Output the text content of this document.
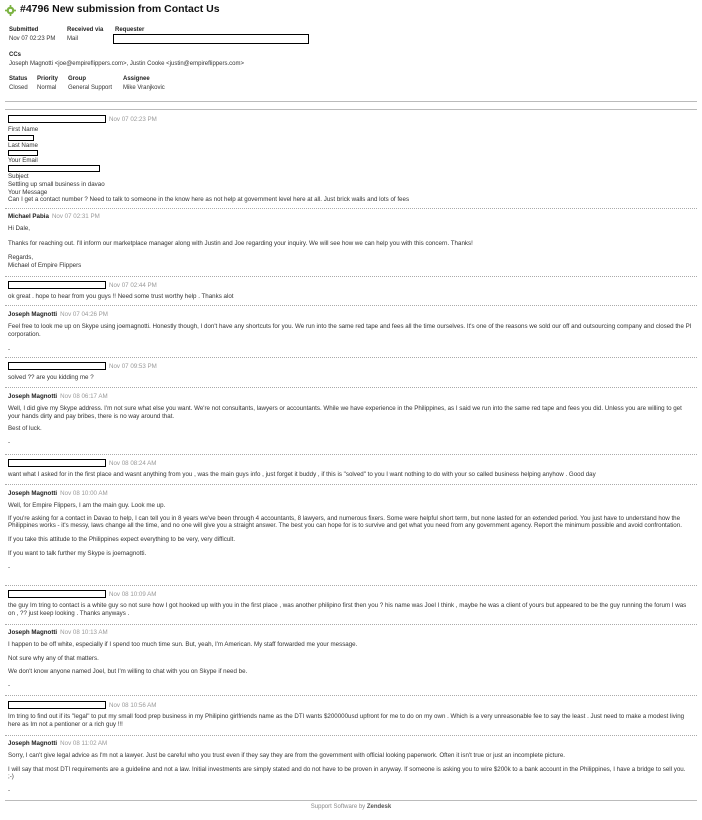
#4796 New submission from Contact Us
Submitted
Nov 07 02:23 PM
Received via
Mail
Requester
CCs
Joseph Magnotti <joe@empireflippers.com>, Justin Cooke <justin@empireflippers.com>
Status
Closed
Priority
Normal
Group
General Support
Assignee
Mike Vranjkovic
Nov 07 02:23 PM
First Name
Last Name
Your Email
Subject
Settling up small business in davao
Your Message
Can I get a contact number ? Need to talk to someone in the know here as not help at government level here at all. Just brick walls and lots of fees
Michael Pabia Nov 07 02:31 PM

Hi Dale,

Thanks for reaching out. I'll inform our marketplace manager along with Justin and Joe regarding your inquiry. We will see how we can help you with this concern. Thanks!

Regards,

Michael of Empire Flippers
Nov 07 02:44 PM

ok great . hope to hear from you guys !! Need some trust worthy help . Thanks alot

Joseph Magnotti Nov 07 04:26 PM

Feel free to look me up on Skype using joemagnotti. Honestly though, I don't have any shortcuts for you. We run into the same red tape and fees all the time ourselves. It's one of the reasons we sold our off and outsourcing company and closed the PI corporation.

-

Nov 07 09:53 PM

solved ?? are you kidding me ?

Joseph Magnotti Nov 08 06:17 AM

Well, I did give my Skype address. I'm not sure what else you want. We're not consultants, lawyers or accountants. While we have experience in the Philippines, as I said we run into the same red tape and fees you did. Unless you are willing to get your hands dirty and pay bribes, there is no way around that.

Best of luck.

-

Nov 08 08:24 AM

want what I asked for in the first place and wasnt anything from you , was the main guys info , just forget it buddy , if this is "solved" to you I want nothing to do with your so called business helping anyhow . Good day

Joseph Magnotti Nov 08 10:00 AM

Well, for Empire Flippers, I am the main guy. Look me up.

If you're asking for a contact in Davao to help, I can tell you in 8 years we've been through 4 accountants, 8 lawyers, and numerous fixers. Some were helpful short term, but none lasted for an extended period. You just have to understand how the Philippines works - it's messy, laws change all the time, and no one will give you a straight answer. The best you can hope for is to survive and get what you need from any government agency. Report the minimum possible and avoid confrontation.

If you take this attitude to the Philippines expect everything to be very, very difficult.

If you want to talk further my Skype is joemagnotti.

-

Nov 08 10:09 AM

the guy Im tring to contact is a white guy so not sure how I got hooked up with you in the first place , was another philipino first then you ? his name was Joel I think , maybe he was a client of yours but appeared to be the guy running the forum I was on , ?? just keep looking . Thanks anyways .

Joseph Magnotti Nov 08 10:13 AM

I happen to be off white, especially if I spend too much time sun. But, yeah, I'm American. My staff forwarded me your message.

Not sure why any of that matters.

We don't know anyone named Joel, but I'm willing to chat with you on Skype if need be.

-

Nov 08 10:56 AM

Im tring to find out if its "legal" to put my small food prep business in my Philipino girlfriends name as the DTI wants $200000usd upfront for me to do on my own . Which is a very unreasonable fee to say the least . Just need to make a modest living here as Im not a pentioner or a rich guy !!!

Joseph Magnotti Nov 08 11:02 AM

Sorry, I can't give legal advice as I'm not a lawyer. Just be careful who you trust even if they say they are from the government with official looking paperwork. Often it isn't true or just an incomplete picture.

I will say that most DTI requirements are a guideline and not a law. Initial investments are simply stated and do not have to be proven in anyway. If someone is asking you to wire $200k to a bank account in the Philippines, I have a bridge to sell you. ;-)

-

Support Software by Zendesk
